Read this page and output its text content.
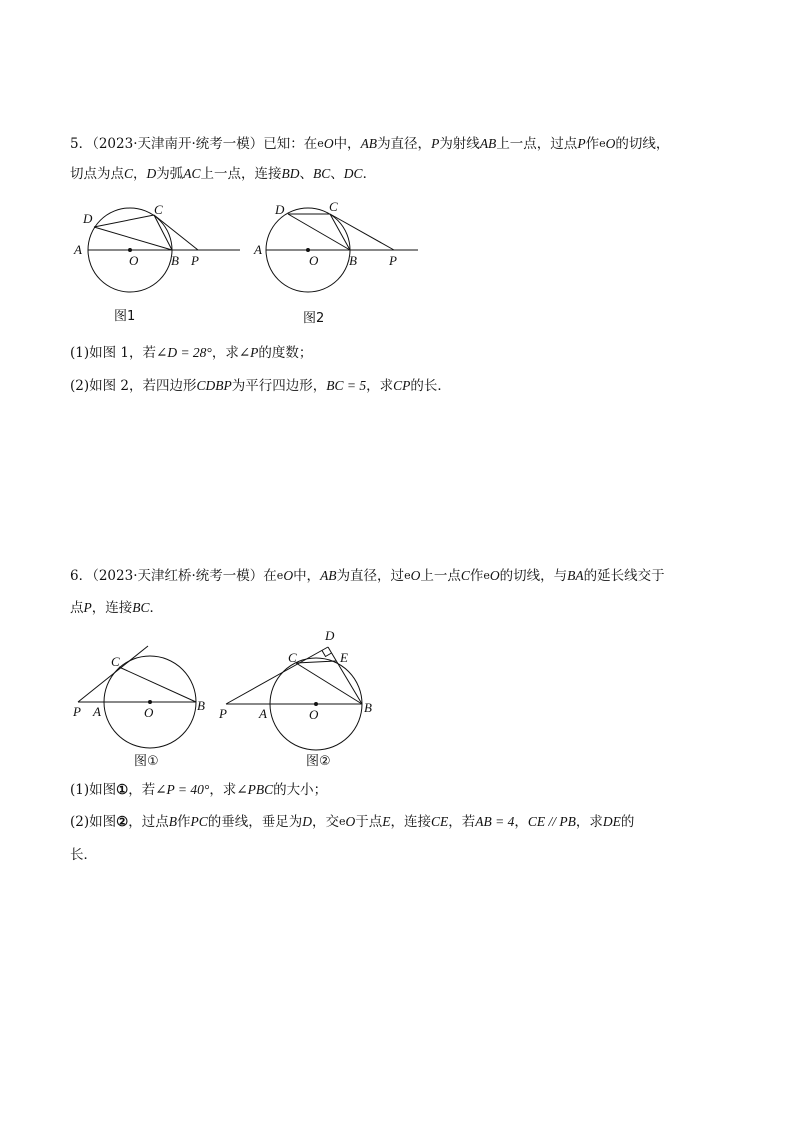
5．（2023·天津南开·统考一模）已知：在eO中，AB为直径，P为射线AB上一点，过点P作eO的切线，
切点为点C，D为弧AC上一点，连接BD、BC、DC．
A
O	B P
C
D
图1
A
O B P
C
D
图2
(1)如图 1，若∠D = 28°，求∠P的度数；
(2)如图 2，若四边形CDBP为平行四边形，BC = 5，求CP的长．
6．（2023·天津红桥·统考一模）在eO中，AB为直径，过eO上一点C作eO的切线，与BA的延长线交于
点P，连接BC．
P A	O	B
C
图①
P A	O	B
C
D
E
图②
(1)如图①，若∠P = 40°，求∠PBC的大小；
(2)如图②，过点B作PC的垂线，垂足为D，交eO于点E，连接CE，若AB = 4，CE // PB，求DE的
长．
